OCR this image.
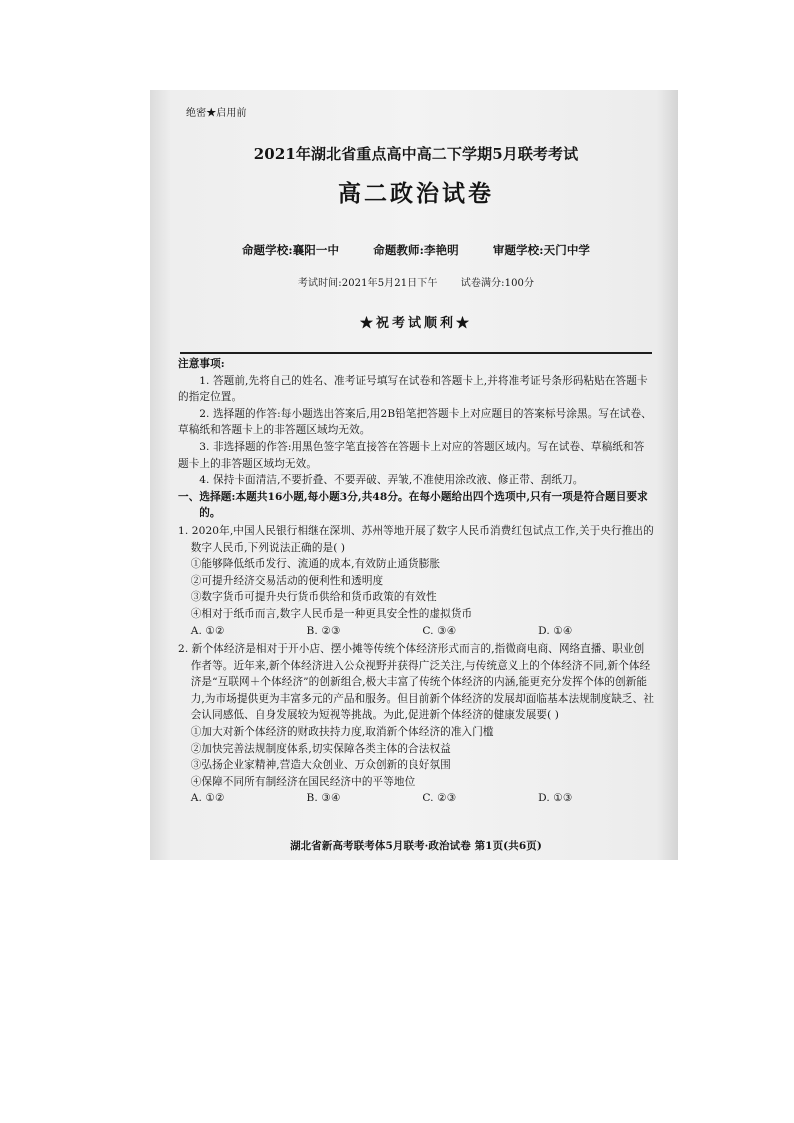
绝密★启用前
2021年湖北省重点高中高二下学期5月联考考试
高二政治试卷
命题学校:襄阳一中	命题教师:李艳明	审题学校:天门中学
考试时间:2021年5月21日下午 试卷满分:100分
★祝考试顺利★
注意事项:
1. 答题前,先将自己的姓名、准考证号填写在试卷和答题卡上,并将准考证号条形码粘贴在答题卡的指定位置。
2. 选择题的作答:每小题选出答案后,用2B铅笔把答题卡上对应题目的答案标号涂黑。写在试卷、草稿纸和答题卡上的非答题区域均无效。
3. 非选择题的作答:用黑色签字笔直接答在答题卡上对应的答题区域内。写在试卷、草稿纸和答题卡上的非答题区域均无效。
4. 保持卡面清洁,不要折叠、不要弄破、弄皱,不准使用涂改液、修正带、刮纸刀。
一、选择题:本题共16小题,每小题3分,共48分。在每小题给出四个选项中,只有一项是符合题目要求的。
1. 2020年,中国人民银行相继在深圳、苏州等地开展了数字人民币消费红包试点工作,关于央行推出的数字人民币,下列说法正确的是( )
①能够降低纸币发行、流通的成本,有效防止通货膨胀
②可提升经济交易活动的便利性和透明度
③数字货币可提升央行货币供给和货币政策的有效性
④相对于纸币而言,数字人民币是一种更具安全性的虚拟货币
A. ①②	B. ②③	C. ③④	D. ①④
2. 新个体经济是相对于开小店、摆小摊等传统个体经济形式而言的,指微商电商、网络直播、职业创作者等。近年来,新个体经济进入公众视野并获得广泛关注,与传统意义上的个体经济不同,新个体经济是“互联网＋个体经济”的创新组合,极大丰富了传统个体经济的内涵,能更充分发挥个体的创新能力,为市场提供更为丰富多元的产品和服务。但目前新个体经济的发展却面临基本法规制度缺乏、社会认同感低、自身发展较为短视等挑战。为此,促进新个体经济的健康发展要( )
①加大对新个体经济的财政扶持力度,取消新个体经济的准入门槛
②加快完善法规制度体系,切实保障各类主体的合法权益
③弘扬企业家精神,营造大众创业、万众创新的良好氛围
④保障不同所有制经济在国民经济中的平等地位
A. ①②	B. ③④	C. ②③	D. ①③
湖北省新高考联考体5月联考·政治试卷 第1页(共6页)
